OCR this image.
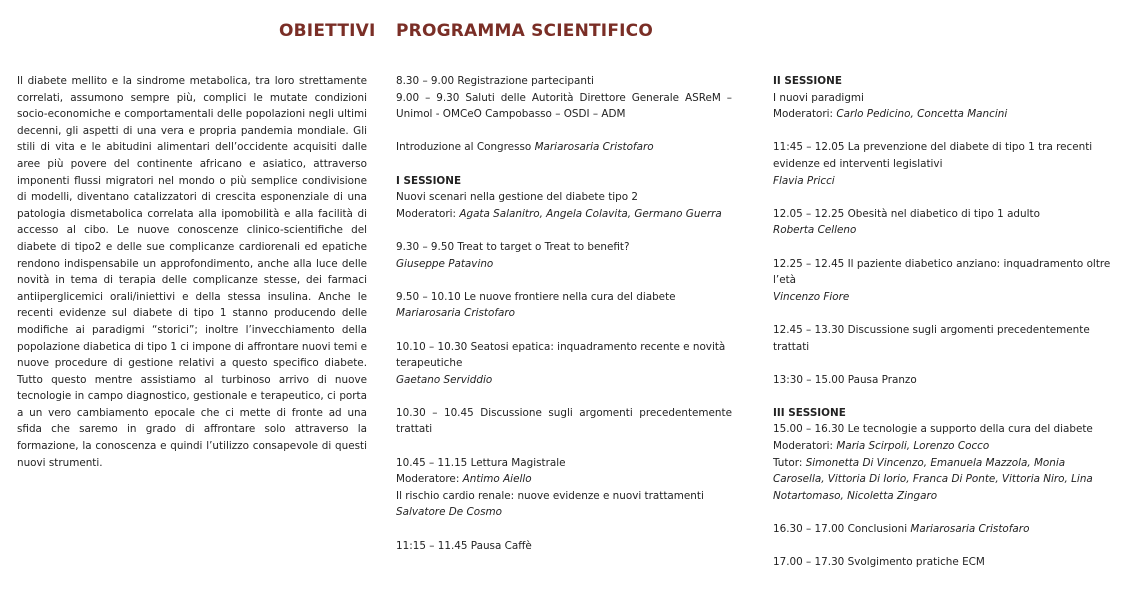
OBIETTIVI PROGRAMMA SCIENTIFICO

Il diabete mellito e la sindrome metabolica, tra loro strettamente correlati, assumono sempre più, complici le mutate condizioni socio-economiche e comportamentali delle popolazioni negli ultimi decenni, gli aspetti di una vera e propria pandemia mondiale. Gli stili di vita e le abitudini alimentari dell’occidente acquisiti dalle aree più povere del continente africano e asiatico, attraverso imponenti flussi migratori nel mondo o più semplice condivisione di modelli, diventano catalizzatori di crescita esponenziale di una patologia dismetabolica correlata alla ipomobilità e alla facilità di accesso al cibo. Le nuove conoscenze clinico-scientifiche del diabete di tipo2 e delle sue complicanze cardiorenali ed epatiche rendono indispensabile un approfondimento, anche alla luce delle novità in tema di terapia delle complicanze stesse, dei farmaci antiiperglicemici orali/iniettivi e della stessa insulina. Anche le recenti evidenze sul diabete di tipo 1 stanno producendo delle modifiche ai paradigmi “storici”; inoltre l’invecchiamento della popolazione diabetica di tipo 1 ci impone di affrontare nuovi temi e nuove procedure di gestione relativi a questo specifico diabete. Tutto questo mentre assistiamo al turbinoso arrivo di nuove tecnologie in campo diagnostico, gestionale e terapeutico, ci porta a un vero cambiamento epocale che ci mette di fronte ad una sfida che saremo in grado di affrontare solo attraverso la formazione, la conoscenza e quindi l’utilizzo consapevole di questi nuovi strumenti.

8.30 – 9.00 Registrazione partecipanti

9.00 – 9.30 Saluti delle Autorità Direttore Generale ASReM – Unimol - OMCeO Campobasso – OSDI – ADM

Introduzione al Congresso Mariarosaria Cristofaro

I SESSIONE

Nuovi scenari nella gestione del diabete tipo 2

Moderatori: Agata Salanitro, Angela Colavita, Germano Guerra

9.30 – 9.50 Treat to target o Treat to benefit?

Giuseppe Patavino

9.50 – 10.10 Le nuove frontiere nella cura del diabete

Mariarosaria Cristofaro

10.10 – 10.30 Seatosi epatica: inquadramento recente e novità terapeutiche

Gaetano Serviddio

10.30 – 10.45 Discussione sugli argomenti precedentemente trattati

10.45 – 11.15 Lettura Magistrale

Moderatore: Antimo Aiello

Il rischio cardio renale: nuove evidenze e nuovi trattamenti

Salvatore De Cosmo

11:15 – 11.45 Pausa Caffè

II SESSIONE

I nuovi paradigmi

Moderatori: Carlo Pedicino, Concetta Mancini

11:45 – 12.05 La prevenzione del diabete di tipo 1 tra recenti evidenze ed interventi legislativi

Flavia Pricci

12.05 – 12.25 Obesità nel diabetico di tipo 1 adulto

Roberta Celleno

12.25 – 12.45 Il paziente diabetico anziano: inquadramento oltre l’età

Vincenzo Fiore

12.45 – 13.30 Discussione sugli argomenti precedentemente trattati

13:30 – 15.00 Pausa Pranzo

III SESSIONE

15.00 – 16.30 Le tecnologie a supporto della cura del diabete

Moderatori: Maria Scirpoli, Lorenzo Cocco

Tutor: Simonetta Di Vincenzo, Emanuela Mazzola, Monia Carosella, Vittoria Di Iorio, Franca Di Ponte, Vittoria Niro, Lina Notartomaso, Nicoletta Zingaro

16.30 – 17.00 Conclusioni Mariarosaria Cristofaro

17.00 – 17.30 Svolgimento pratiche ECM
